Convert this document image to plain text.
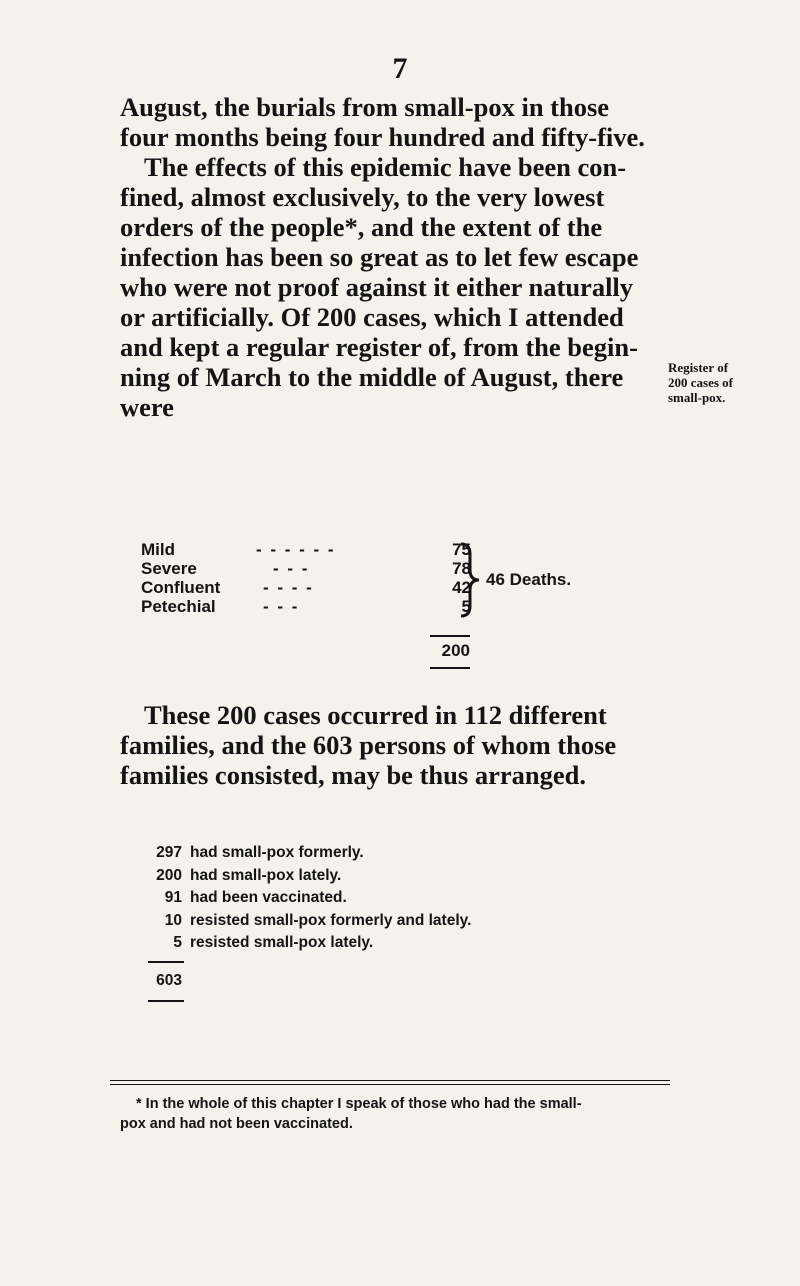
7

August, the burials from small-pox in those

four months being four hundred and fifty-five.

The effects of this epidemic have been con-

fined, almost exclusively, to the very lowest

orders of the people*, and the extent of the

infection has been so great as to let few escape

who were not proof against it either naturally

or artificially. Of 200 cases, which I attended

and kept a regular register of, from the begin-

ning of March to the middle of August, there

were

Register of
200 cases of
small-pox.
Mild	- - - - - -	75
Severe	- - -	78
Confluent	- - - -	42
Petechial	- - -	5
46 Deaths.
200
These 200 cases occurred in 112 different
families, and the 603 persons of whom those
families consisted, may be thus arranged.
297 had small-pox formerly.
200 had small-pox lately.
91 had been vaccinated.
10 resisted small-pox formerly and lately.
5 resisted small-pox lately.
603
* In the whole of this chapter I speak of those who had the small-
pox and had not been vaccinated.
